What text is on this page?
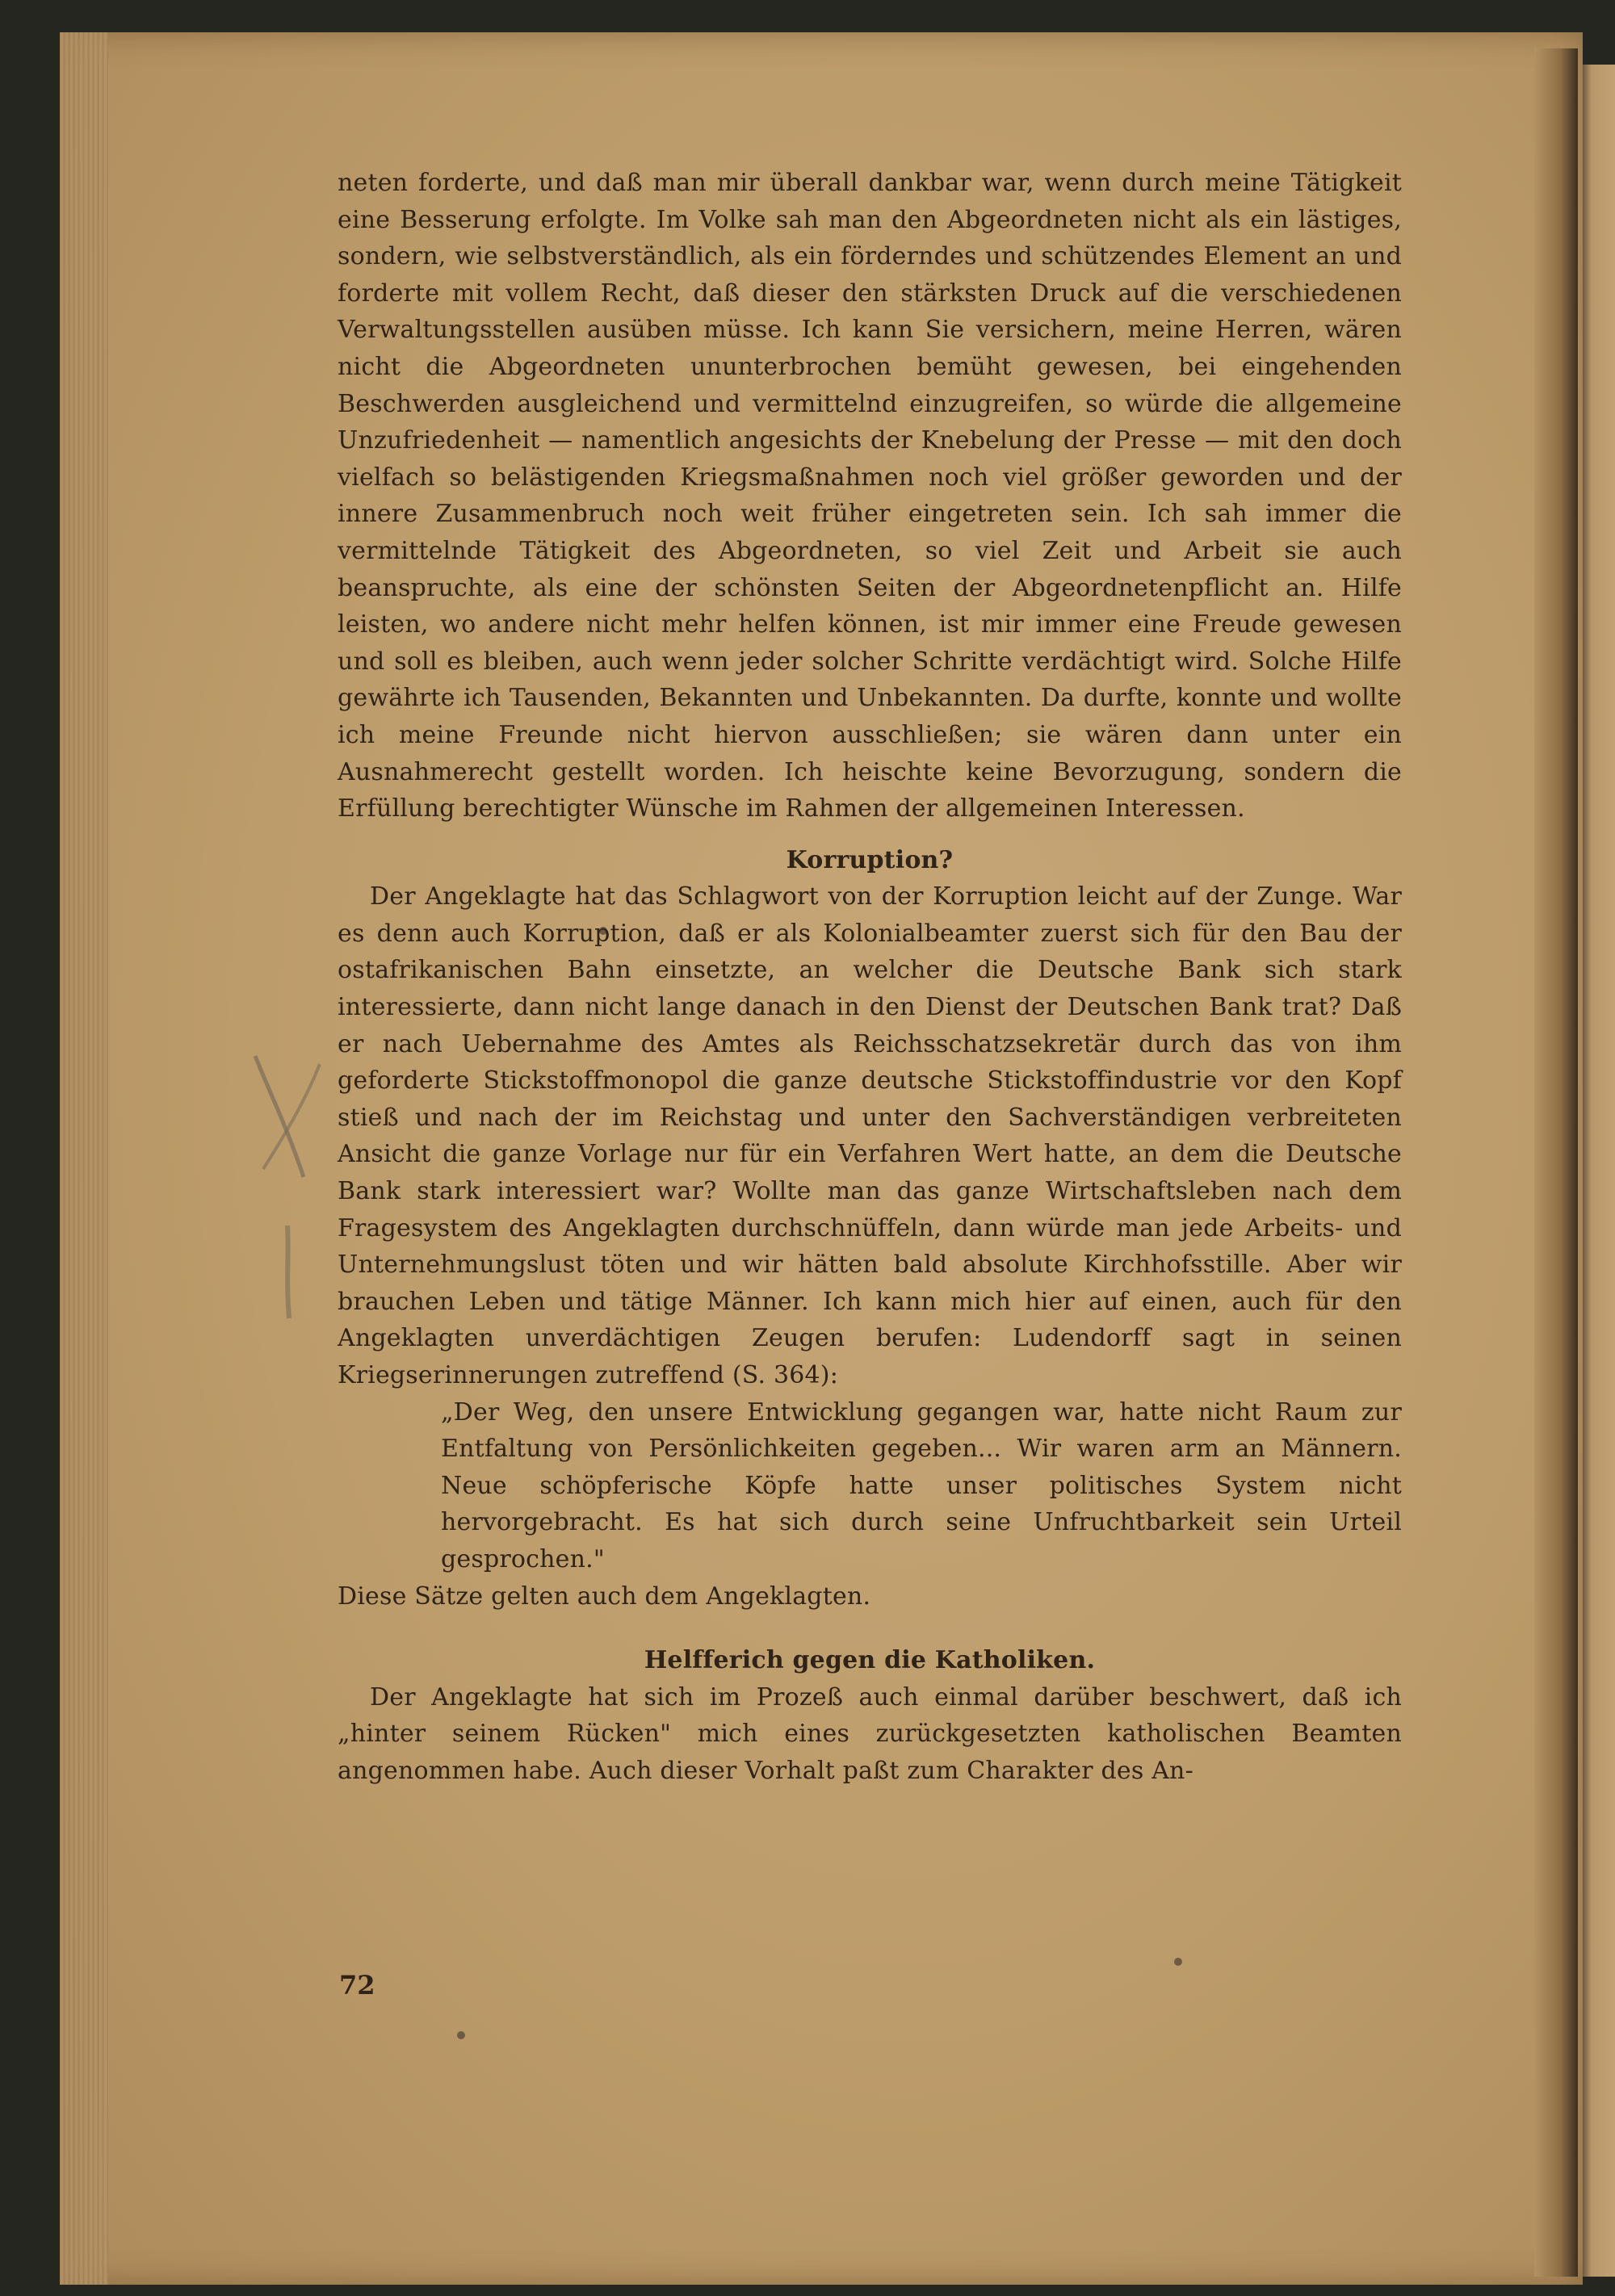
neten forderte, und daß man mir überall dankbar war, wenn durch meine Tätigkeit eine Besserung erfolgte. Im Volke sah man den Abgeordneten nicht als ein lästiges, sondern, wie selbstverständlich, als ein förderndes und schützendes Element an und forderte mit vollem Recht, daß dieser den stärksten Druck auf die verschiedenen Verwaltungsstellen ausüben müsse. Ich kann Sie versichern, meine Herren, wären nicht die Abgeordneten ununterbrochen bemüht gewesen, bei eingehenden Beschwerden ausgleichend und vermittelnd einzugreifen, so würde die allgemeine Unzufriedenheit — namentlich angesichts der Knebelung der Presse — mit den doch vielfach so belästigenden Kriegsmaßnahmen noch viel größer geworden und der innere Zusammenbruch noch weit früher eingetreten sein. Ich sah immer die vermittelnde Tätigkeit des Abgeordneten, so viel Zeit und Arbeit sie auch beanspruchte, als eine der schönsten Seiten der Abgeordnetenpflicht an. Hilfe leisten, wo andere nicht mehr helfen können, ist mir immer eine Freude gewesen und soll es bleiben, auch wenn jeder solcher Schritte verdächtigt wird. Solche Hilfe gewährte ich Tausenden, Bekannten und Unbekannten. Da durfte, konnte und wollte ich meine Freunde nicht hiervon ausschließen; sie wären dann unter ein Ausnahmerecht gestellt worden. Ich heischte keine Bevorzugung, sondern die Erfüllung berechtigter Wünsche im Rahmen der allgemeinen Interessen.

Korruption?

Der Angeklagte hat das Schlagwort von der Korruption leicht auf der Zunge. War es denn auch Korruption, daß er als Kolonialbeamter zuerst sich für den Bau der ostafrikanischen Bahn einsetzte, an welcher die Deutsche Bank sich stark interessierte, dann nicht lange danach in den Dienst der Deutschen Bank trat? Daß er nach Uebernahme des Amtes als Reichsschatzsekretär durch das von ihm geforderte Stickstoffmonopol die ganze deutsche Stickstoffindustrie vor den Kopf stieß und nach der im Reichstag und unter den Sachverständigen verbreiteten Ansicht die ganze Vorlage nur für ein Verfahren Wert hatte, an dem die Deutsche Bank stark interessiert war? Wollte man das ganze Wirtschaftsleben nach dem Fragesystem des Angeklagten durchschnüffeln, dann würde man jede Arbeits- und Unternehmungslust töten und wir hätten bald absolute Kirchhofsstille. Aber wir brauchen Leben und tätige Männer. Ich kann mich hier auf einen, auch für den Angeklagten unverdächtigen Zeugen berufen: Ludendorff sagt in seinen Kriegserinnerungen zutreffend (S. 364):

„Der Weg, den unsere Entwicklung gegangen war, hatte nicht Raum zur Entfaltung von Persönlichkeiten gegeben... Wir waren arm an Männern. Neue schöpferische Köpfe hatte unser politisches System nicht hervorgebracht. Es hat sich durch seine Unfruchtbarkeit sein Urteil gesprochen."

Diese Sätze gelten auch dem Angeklagten.

Helfferich gegen die Katholiken.

Der Angeklagte hat sich im Prozeß auch einmal darüber beschwert, daß ich „hinter seinem Rücken" mich eines zurückgesetzten katholischen Beamten angenommen habe. Auch dieser Vorhalt paßt zum Charakter des An-

72
